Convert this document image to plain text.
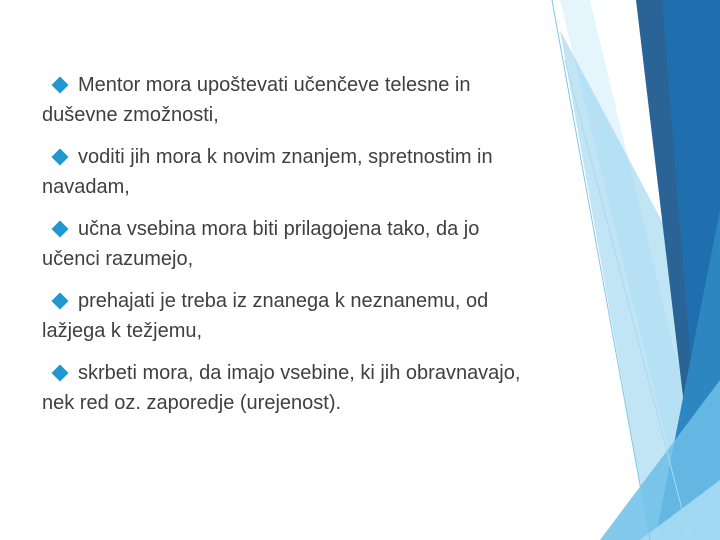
Mentor mora upoštevati učenčeve telesne in
duševne zmožnosti,
voditi jih mora k novim znanjem, spretnostim in
navadam,
učna vsebina mora biti prilagojena tako, da jo
učenci razumejo,
prehajati je treba iz znanega k neznanemu, od
lažjega k težjemu,
skrbeti mora, da imajo vsebine, ki jih obravnavajo,
nek red oz. zaporedje (urejenost).
